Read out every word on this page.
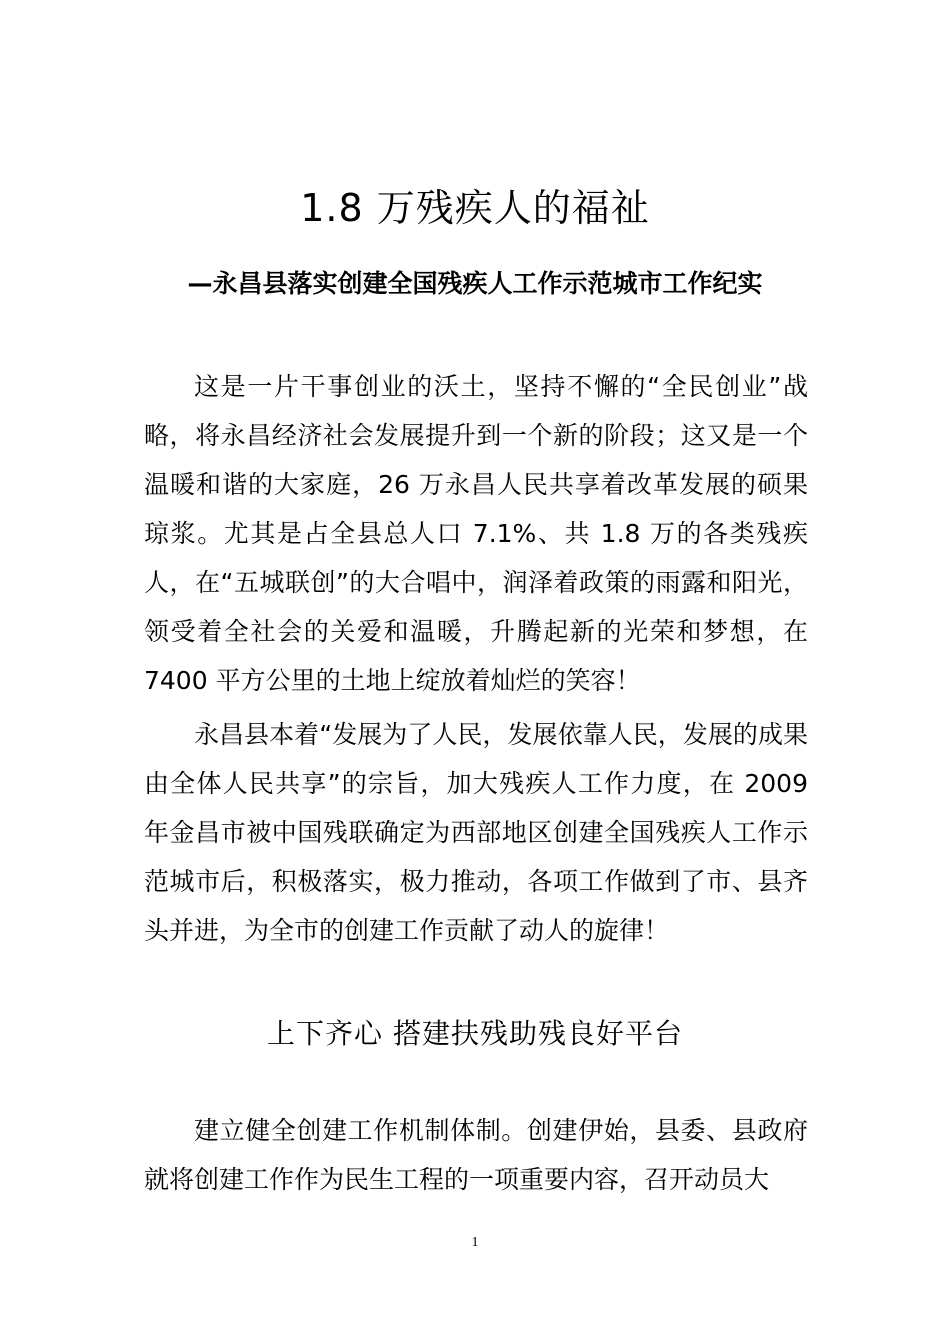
1.8 万残疾人的福祉
—永昌县落实创建全国残疾人工作示范城市工作纪实

这是一片干事创业的沃土，坚持不懈的“全民创业”战略，将永昌经济社会发展提升到一个新的阶段；这又是一个温暖和谐的大家庭，26 万永昌人民共享着改革发展的硕果琼浆。尤其是占全县总人口 7.1%、共 1.8 万的各类残疾人，在“五城联创”的大合唱中，润泽着政策的雨露和阳光，领受着全社会的关爱和温暖，升腾起新的光荣和梦想，在 7400 平方公里的土地上绽放着灿烂的笑容！

永昌县本着“发展为了人民，发展依靠人民，发展的成果由全体人民共享”的宗旨，加大残疾人工作力度，在 2009 年金昌市被中国残联确定为西部地区创建全国残疾人工作示范城市后，积极落实，极力推动，各项工作做到了市、县齐头并进，为全市的创建工作贡献了动人的旋律！

上下齐心 搭建扶残助残良好平台

建立健全创建工作机制体制。创建伊始，县委、县政府就将创建工作作为民生工程的一项重要内容，召开动员大

1
